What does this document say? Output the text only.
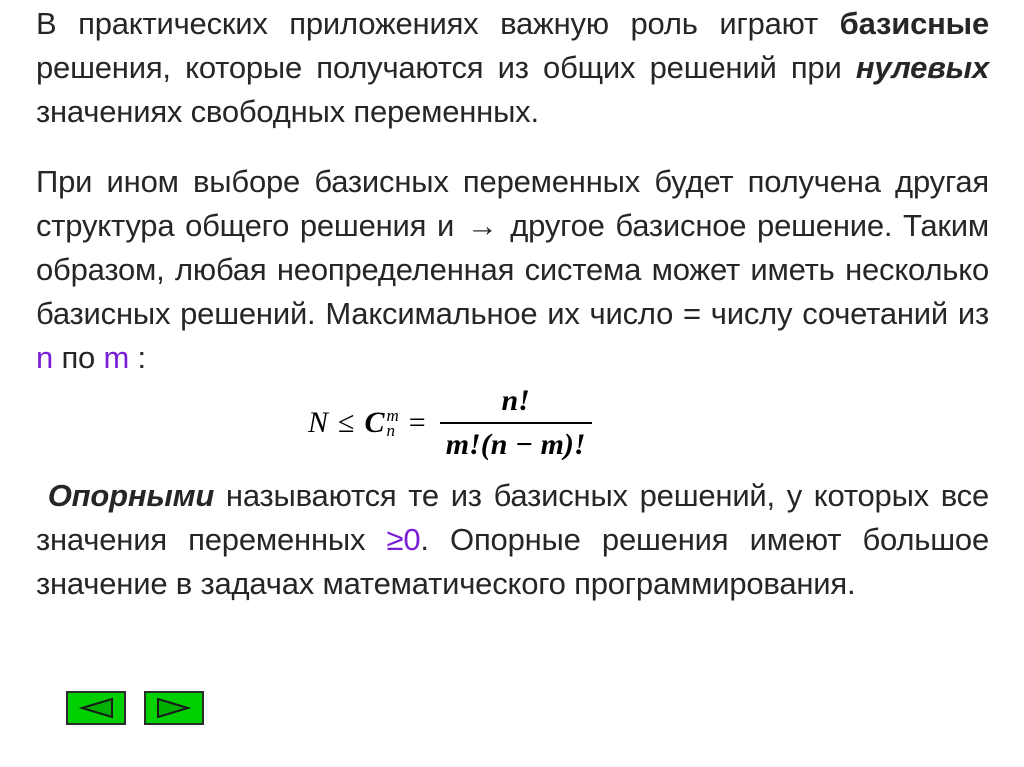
В практических приложениях важную роль играют базисные решения, которые получаются из общих решений при нулевых значениях свободных переменных.

При ином выборе базисных переменных будет получена другая структура общего решения и → другое базисное решение. Таким образом, любая неопределенная система может иметь несколько базисных решений. Максимальное их число = числу сочетаний из n по m :

N ≤ C m
$n = \frac{n!}{m!(n - m)!}$

Опорными называются те из базисных решений, у которых все значения переменных ≥0. Опорные решения имеют большое значение в задачах математического программирования.
